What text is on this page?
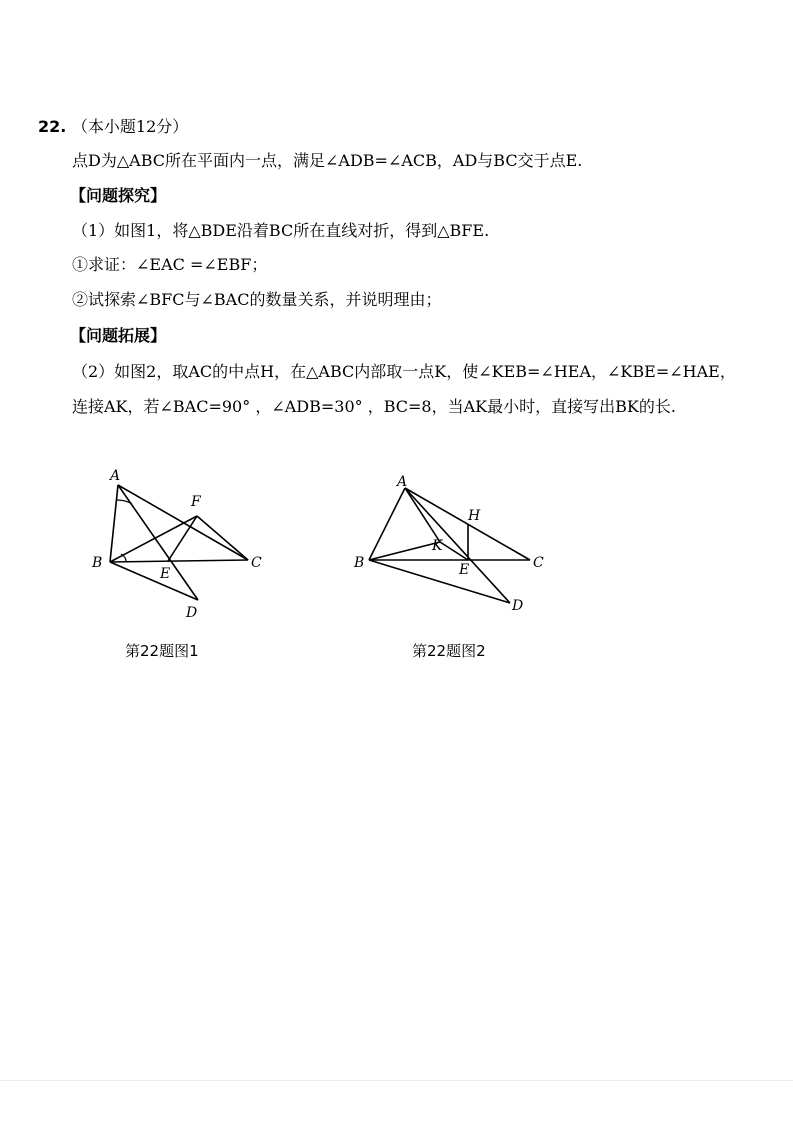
22. （本小题12分）
点D为△ABC所在平面内一点，满足∠ADB=∠ACB，AD与BC交于点E.
【问题探究】
（1）如图1，将△BDE沿着BC所在直线对折，得到△BFE.
①求证：∠EAC =∠EBF；
②试探索∠BFC与∠BAC的数量关系，并说明理由；
【问题拓展】
（2）如图2，取AC的中点H，在△ABC内部取一点K，使∠KEB=∠HEA，∠KBE=∠HAE，
连接AK，若∠BAC=90° ，∠ADB=30° ，BC=8，当AK最小时，直接写出BK的长.
A
B	C
D
E
F
第22题图1
A
B	C
D
E
H
K
第22题图2
